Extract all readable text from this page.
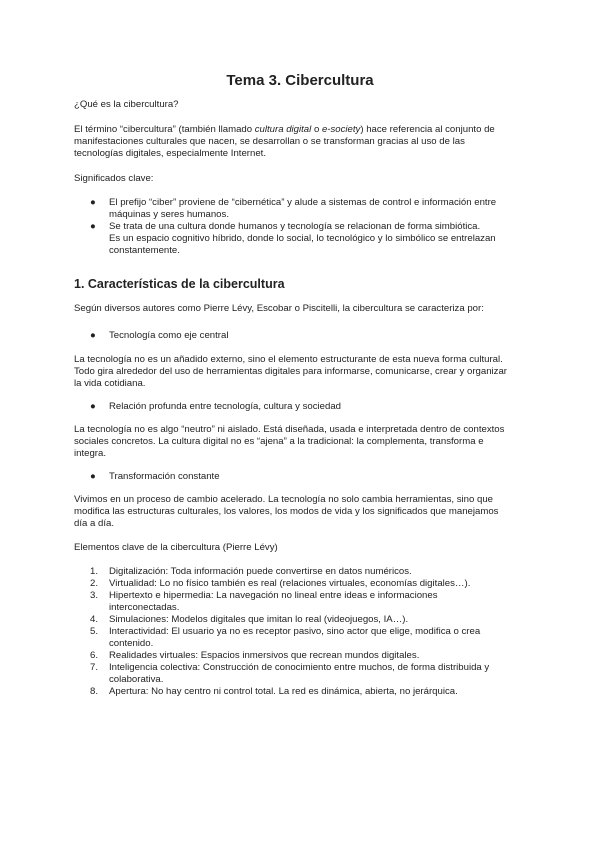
Tema 3. Cibercultura
¿Qué es la cibercultura?
El término “cibercultura” (también llamado cultura digital o e-society) hace referencia al conjunto de
manifestaciones culturales que nacen, se desarrollan o se transforman gracias al uso de las
tecnologías digitales, especialmente Internet.
Significados clave:
● El prefijo “ciber” proviene de “cibernética” y alude a sistemas de control e información entre
máquinas y seres humanos.
● Se trata de una cultura donde humanos y tecnología se relacionan de forma simbiótica.
Es un espacio cognitivo híbrido, donde lo social, lo tecnológico y lo simbólico se entrelazan
constantemente.
1. Características de la cibercultura
Según diversos autores como Pierre Lévy, Escobar o Piscitelli, la cibercultura se caracteriza por:
● Tecnología como eje central
La tecnología no es un añadido externo, sino el elemento estructurante de esta nueva forma cultural.
Todo gira alrededor del uso de herramientas digitales para informarse, comunicarse, crear y organizar
la vida cotidiana.
● Relación profunda entre tecnología, cultura y sociedad
La tecnología no es algo “neutro” ni aislado. Está diseñada, usada e interpretada dentro de contextos
sociales concretos. La cultura digital no es “ajena” a la tradicional: la complementa, transforma e
integra.
● Transformación constante
Vivimos en un proceso de cambio acelerado. La tecnología no solo cambia herramientas, sino que
modifica las estructuras culturales, los valores, los modos de vida y los significados que manejamos
día a día.
Elementos clave de la cibercultura (Pierre Lévy)
1. Digitalización: Toda información puede convertirse en datos numéricos.
2. Virtualidad: Lo no físico también es real (relaciones virtuales, economías digitales…).
3. Hipertexto e hipermedia: La navegación no lineal entre ideas e informaciones
interconectadas.
4. Simulaciones: Modelos digitales que imitan lo real (videojuegos, IA…).
5. Interactividad: El usuario ya no es receptor pasivo, sino actor que elige, modifica o crea
contenido.
6. Realidades virtuales: Espacios inmersivos que recrean mundos digitales.
7. Inteligencia colectiva: Construcción de conocimiento entre muchos, de forma distribuida y
colaborativa.
8. Apertura: No hay centro ni control total. La red es dinámica, abierta, no jerárquica.
